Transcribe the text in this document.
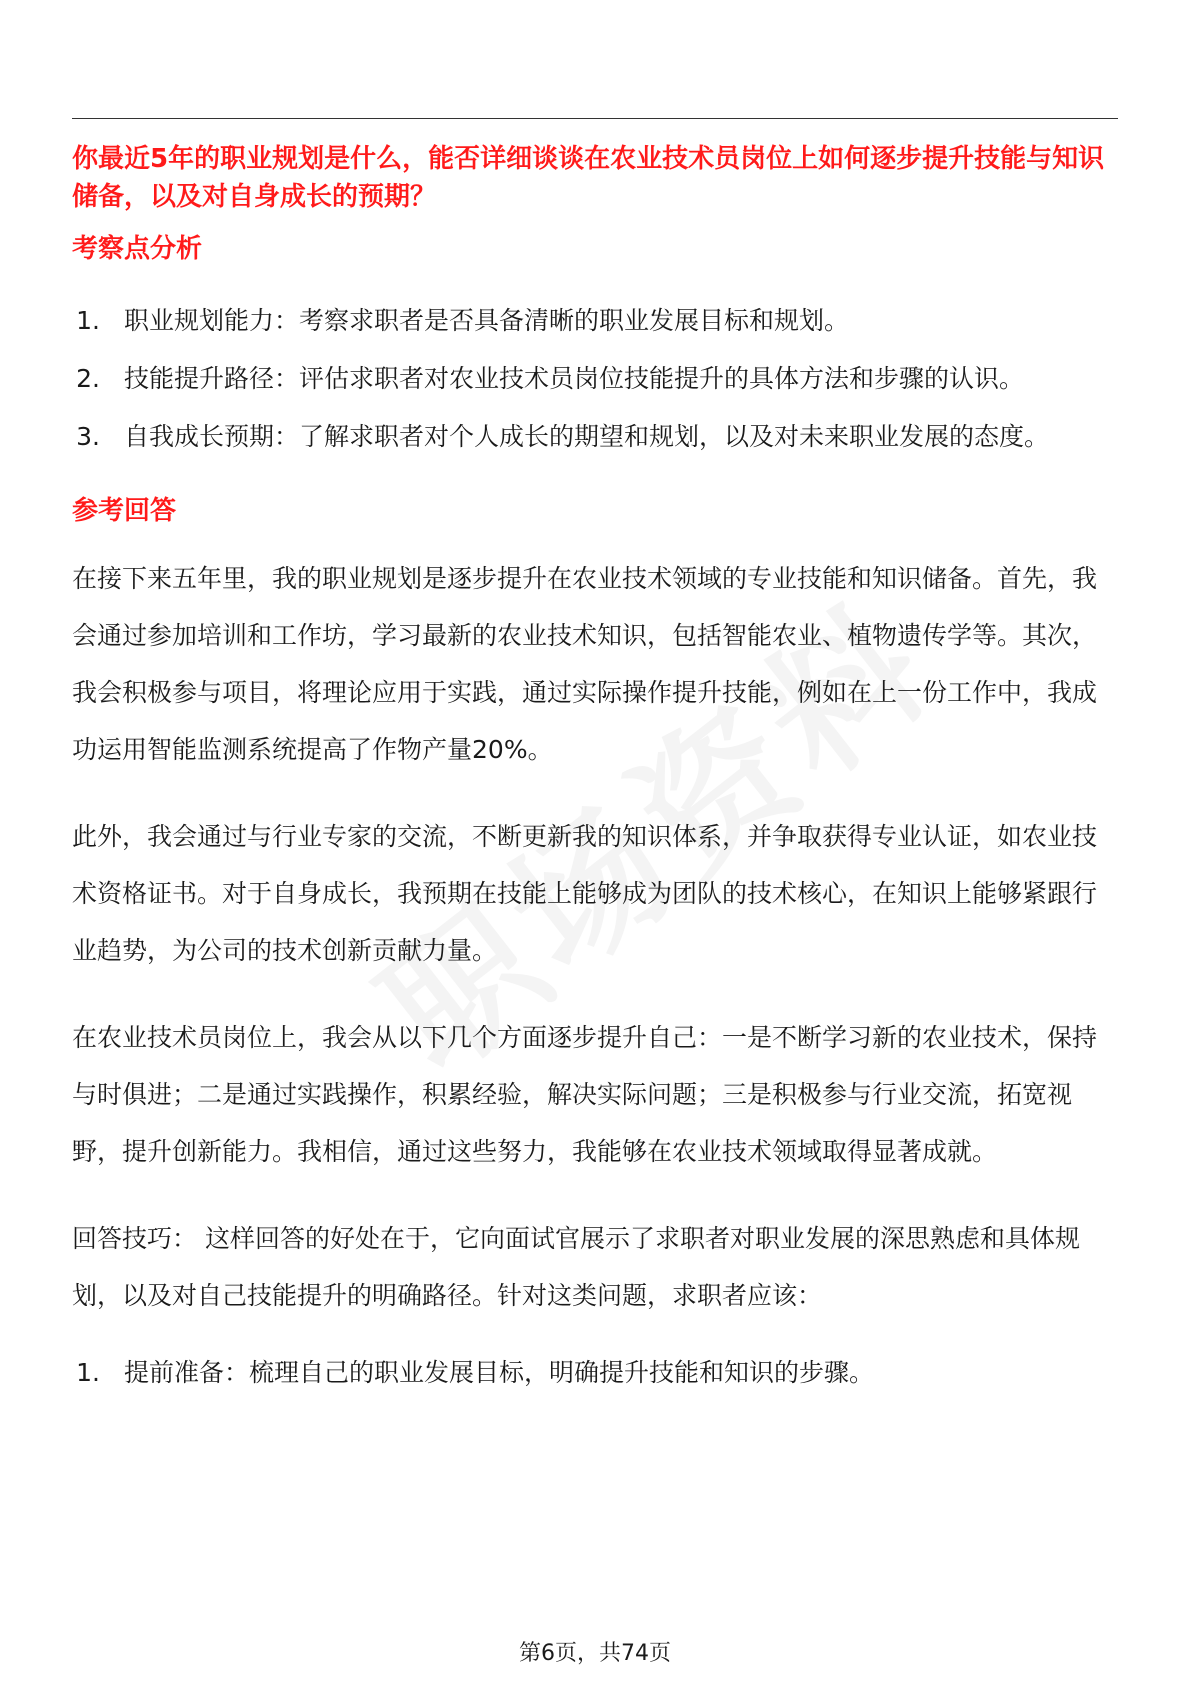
你最近5年的职业规划是什么，能否详细谈谈在农业技术员岗位上如何逐步提升技能与知识储备，以及对自身成长的预期？

考察点分析
1. 职业规划能力：考察求职者是否具备清晰的职业发展目标和规划。
2. 技能提升路径：评估求职者对农业技术员岗位技能提升的具体方法和步骤的认识。
3. 自我成长预期：了解求职者对个人成长的期望和规划，以及对未来职业发展的态度。
参考回答

在接下来五年里，我的职业规划是逐步提升在农业技术领域的专业技能和知识储备。首先，我会通过参加培训和工作坊，学习最新的农业技术知识，包括智能农业、植物遗传学等。其次，我会积极参与项目，将理论应用于实践，通过实际操作提升技能，例如在上一份工作中，我成功运用智能监测系统提高了作物产量20%。

此外，我会通过与行业专家的交流，不断更新我的知识体系，并争取获得专业认证，如农业技术资格证书。对于自身成长，我预期在技能上能够成为团队的技术核心，在知识上能够紧跟行业趋势，为公司的技术创新贡献力量。

在农业技术员岗位上，我会从以下几个方面逐步提升自己：一是不断学习新的农业技术，保持与时俱进；二是通过实践操作，积累经验，解决实际问题；三是积极参与行业交流，拓宽视野，提升创新能力。我相信，通过这些努力，我能够在农业技术领域取得显著成就。

回答技巧： 这样回答的好处在于，它向面试官展示了求职者对职业发展的深思熟虑和具体规划，以及对自己技能提升的明确路径。针对这类问题，求职者应该：

1. 提前准备：梳理自己的职业发展目标，明确提升技能和知识的步骤。
第6页，共74页
